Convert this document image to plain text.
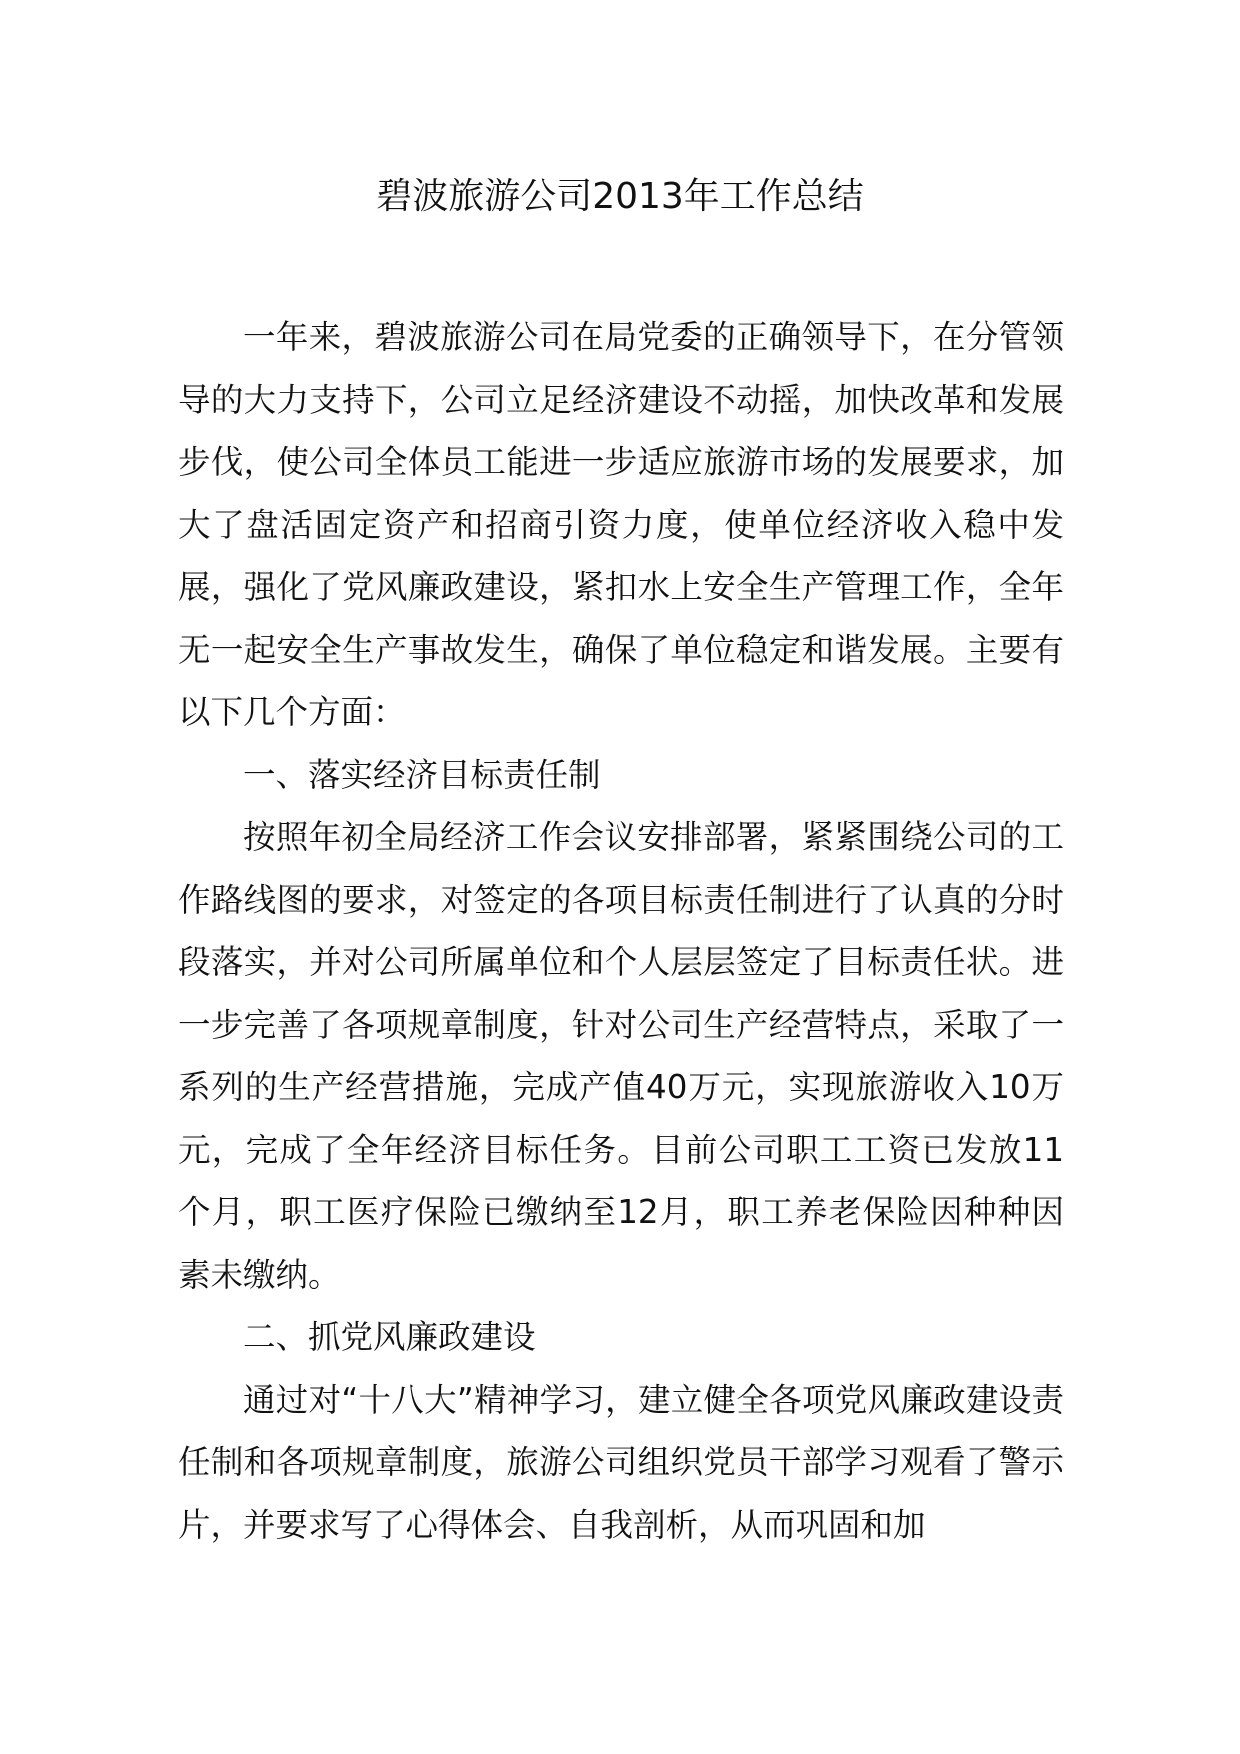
碧波旅游公司2013年工作总结

一年来，碧波旅游公司在局党委的正确领导下，在分管领导的大力支持下，公司立足经济建设不动摇，加快改革和发展步伐，使公司全体员工能进一步适应旅游市场的发展要求，加大了盘活固定资产和招商引资力度，使单位经济收入稳中发展，强化了党风廉政建设，紧扣水上安全生产管理工作，全年无一起安全生产事故发生，确保了单位稳定和谐发展。主要有以下几个方面：

一、落实经济目标责任制

按照年初全局经济工作会议安排部署，紧紧围绕公司的工作路线图的要求，对签定的各项目标责任制进行了认真的分时段落实，并对公司所属单位和个人层层签定了目标责任状。进一步完善了各项规章制度，针对公司生产经营特点，采取了一系列的生产经营措施，完成产值40万元，实现旅游收入10万元，完成了全年经济目标任务。目前公司职工工资已发放11个月，职工医疗保险已缴纳至12月，职工养老保险因种种因素未缴纳。

二、抓党风廉政建设

通过对“十八大”精神学习，建立健全各项党风廉政建设责任制和各项规章制度，旅游公司组织党员干部学习观看了警示片，并要求写了心得体会、自我剖析，从而巩固和加
